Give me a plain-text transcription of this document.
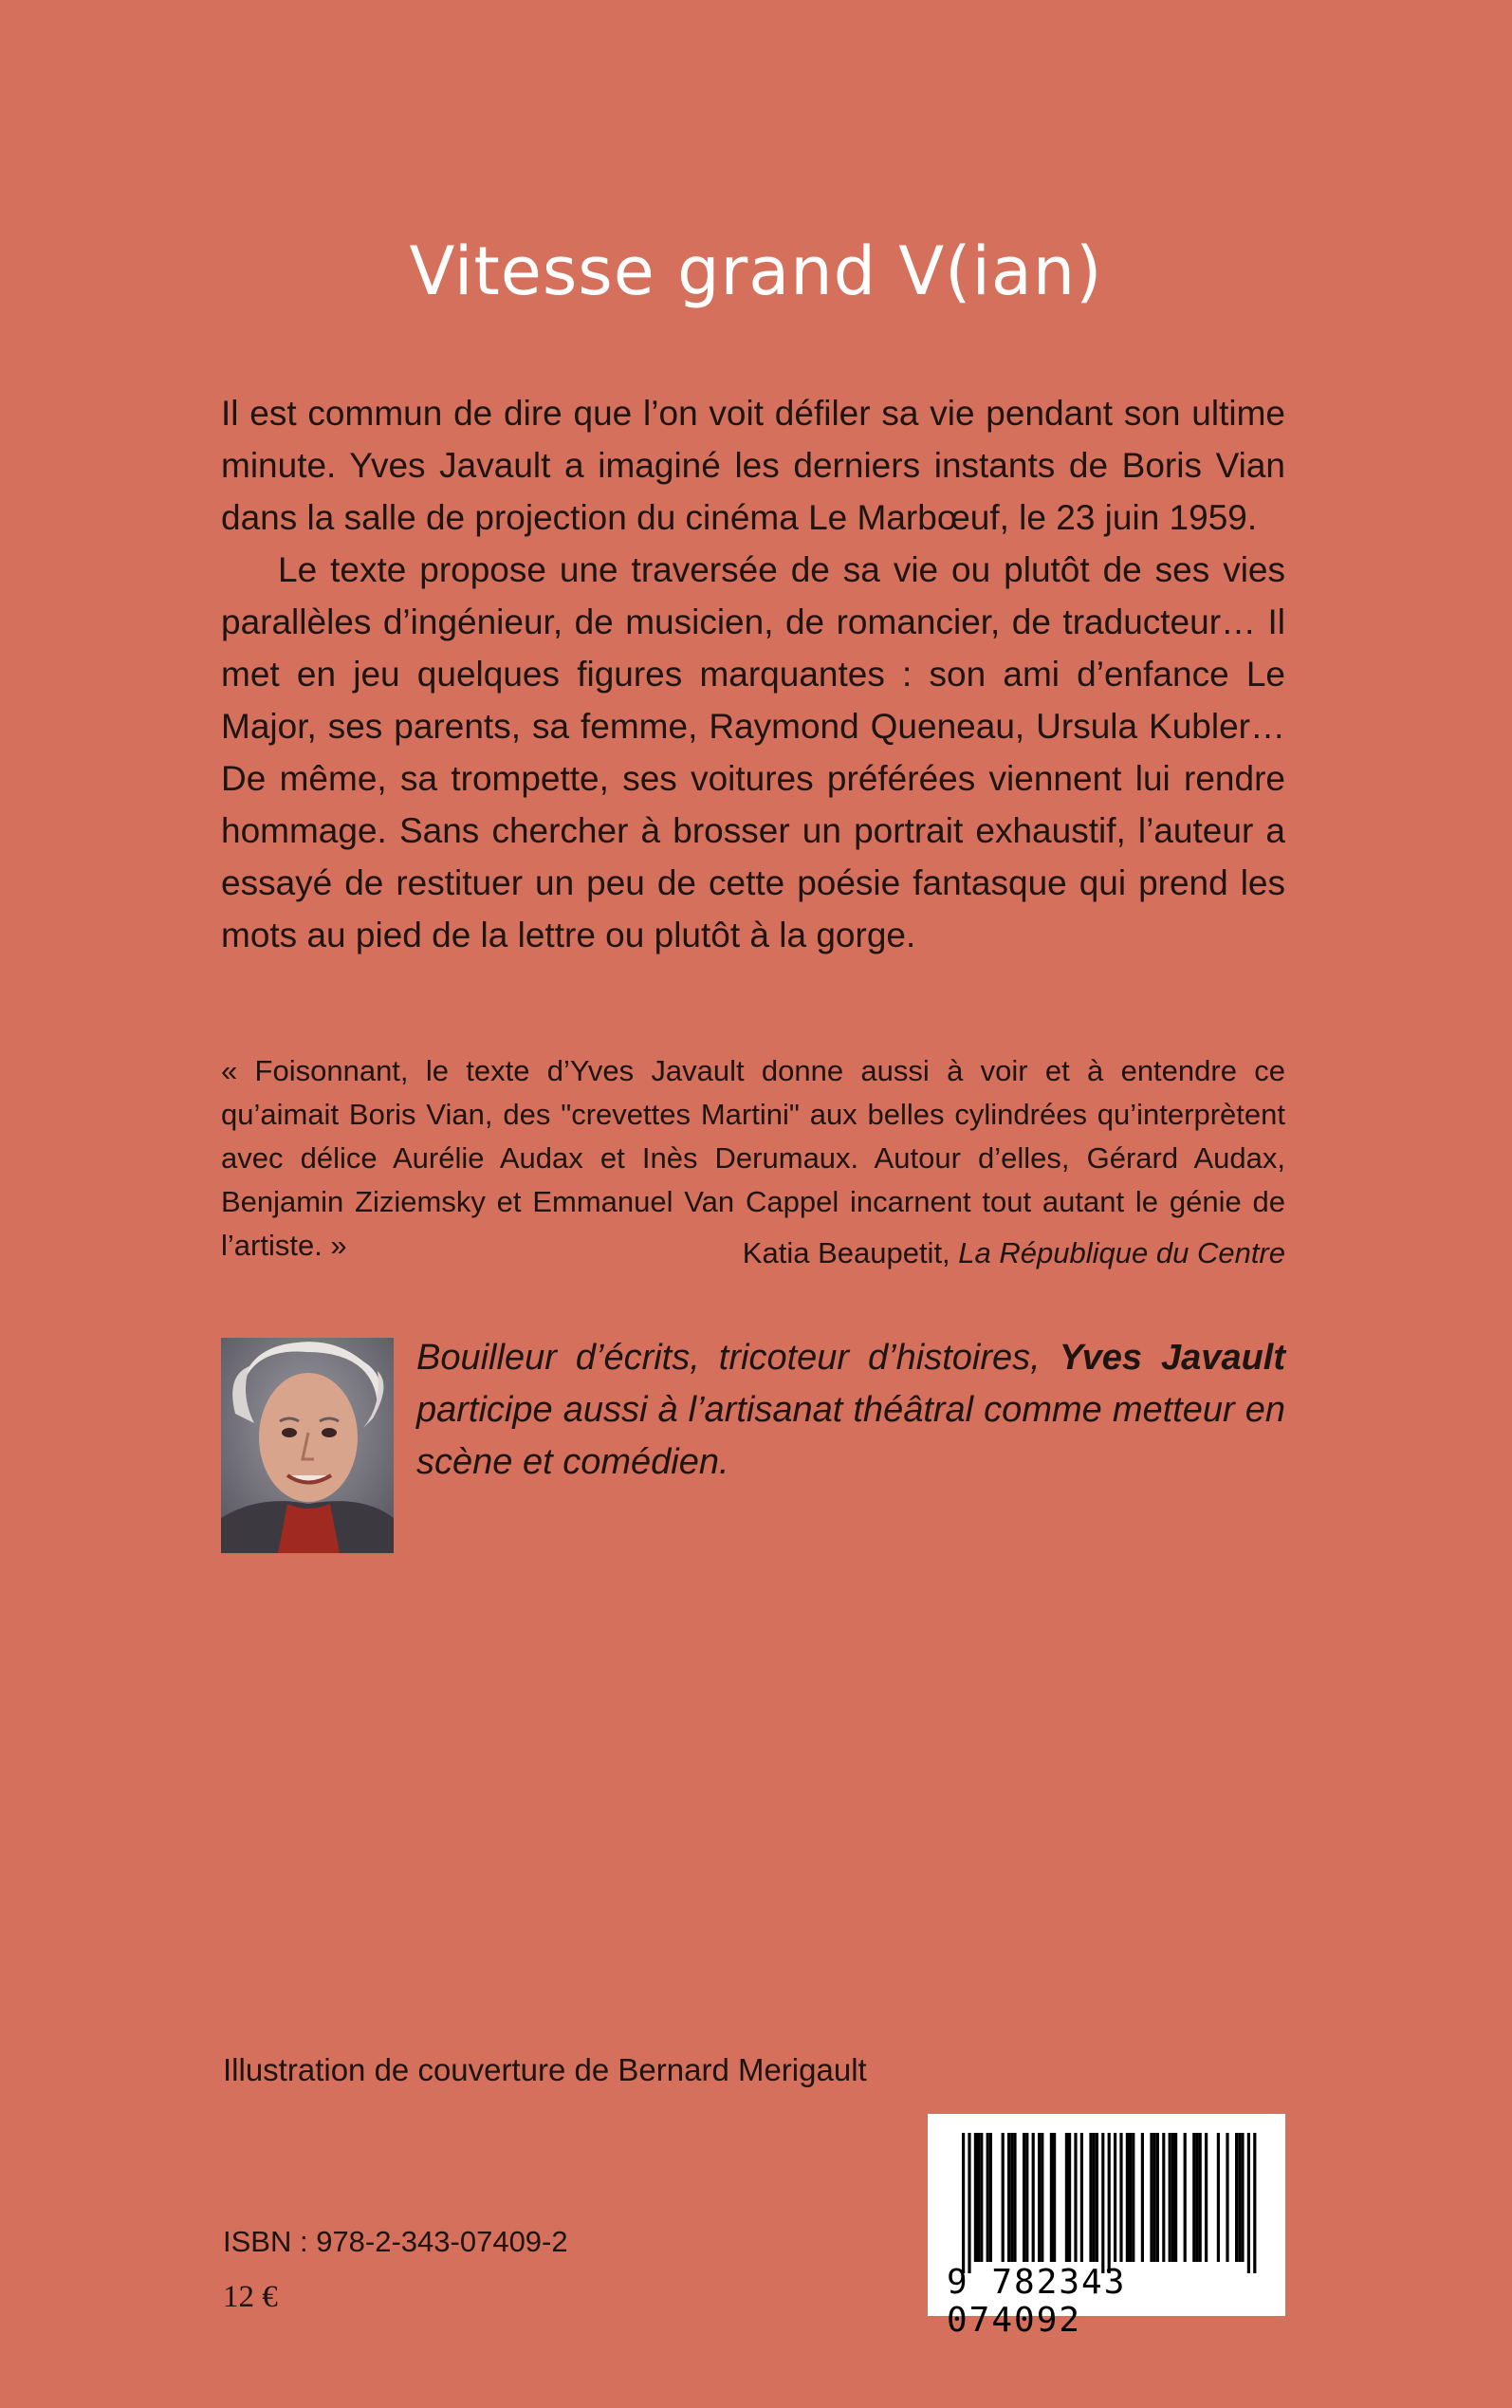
Vitesse grand V(ian)

Il est commun de dire que l’on voit défiler sa vie pendant son ultime minute. Yves Javault a imaginé les derniers instants de Boris Vian dans la salle de projection du cinéma Le Marbœuf, le 23 juin 1959.

Le texte propose une traversée de sa vie ou plutôt de ses vies parallèles d’ingénieur, de musicien, de romancier, de traducteur… Il met en jeu quelques figures marquantes : son ami d’enfance Le Major, ses parents, sa femme, Raymond Queneau, Ursula Kubler… De même, sa trompette, ses voitures préférées viennent lui rendre hommage. Sans chercher à brosser un portrait exhaustif, l’auteur a essayé de restituer un peu de cette poésie fantasque qui prend les mots au pied de la lettre ou plutôt à la gorge.

« Foisonnant, le texte d’Yves Javault donne aussi à voir et à entendre ce qu’aimait Boris Vian, des "crevettes Martini" aux belles cylindrées qu’interprètent avec délice Aurélie Audax et Inès Derumaux. Autour d’elles, Gérard Audax, Benjamin Ziziemsky et Emmanuel Van Cappel incarnent tout autant le génie de l’artiste. »	Katia Beaupetit, La République du Centre

Bouilleur d’écrits, tricoteur d’histoires, Yves Javault participe aussi à l’artisanat théâtral comme metteur en scène et comédien.

Illustration de couverture de Bernard Merigault
ISBN : 978-2-343-07409-2
12 €	9 782343 074092
